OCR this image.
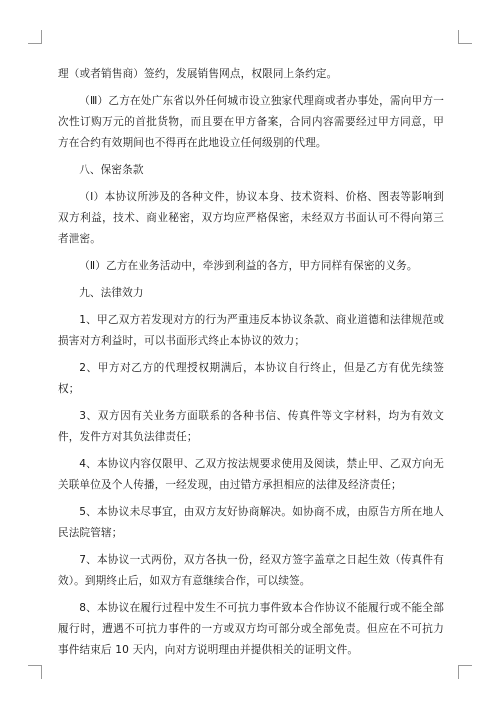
理（或者销售商）签约，发展销售网点，权限同上条约定。

（Ⅲ）乙方在处广东省以外任何城市设立独家代理商或者办事处，需向甲方一次性订购万元的首批货物，而且要在甲方备案，合同内容需要经过甲方同意，甲方在合约有效期间也不得再在此地设立任何级别的代理。

八、保密条款

（Ⅰ）本协议所涉及的各种文件，协议本身、技术资料、价格、图表等影响到双方利益，技术、商业秘密，双方均应严格保密，未经双方书面认可不得向第三者泄密。

（Ⅱ）乙方在业务活动中，牵涉到利益的各方，甲方同样有保密的义务。

九、法律效力

1、甲乙双方若发现对方的行为严重违反本协议条款、商业道德和法律规范或损害对方利益时，可以书面形式终止本协议的效力；

2、甲方对乙方的代理授权期满后，本协议自行终止，但是乙方有优先续签权；

3、双方因有关业务方面联系的各种书信、传真件等文字材料，均为有效文件，发件方对其负法律责任；

4、本协议内容仅限甲、乙双方按法规要求使用及阅读，禁止甲、乙双方向无关联单位及个人传播，一经发现，由过错方承担相应的法律及经济责任；

5、本协议未尽事宜，由双方友好协商解决。如协商不成，由原告方所在地人民法院管辖；

7、本协议一式两份，双方各执一份，经双方签字盖章之日起生效（传真件有效）。到期终止后，如双方有意继续合作，可以续签。

8、本协议在履行过程中发生不可抗力事件致本合作协议不能履行或不能全部履行时，遭遇不可抗力事件的一方或双方均可部分或全部免责。但应在不可抗力事件结束后 10 天内，向对方说明理由并提供相关的证明文件。
